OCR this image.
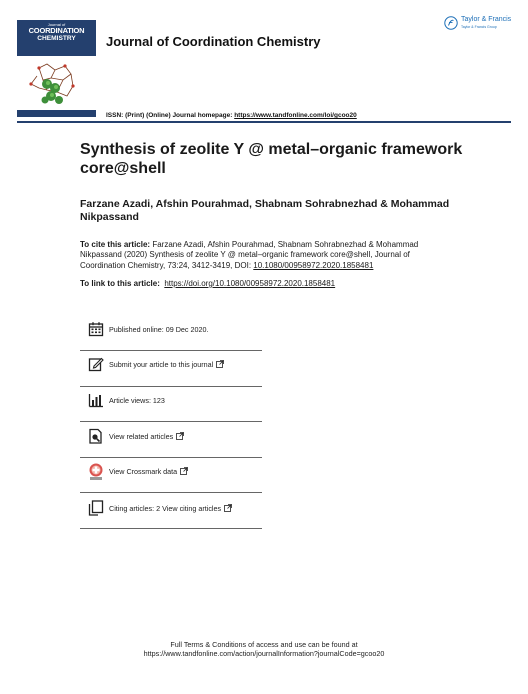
Journal of
COORDINATION
CHEMISTRY	Journal of Coordination Chemistry
Taylor & Francis
Taylor & Francis Group
ISSN: (Print) (Online) Journal homepage: https://www.tandfonline.com/loi/gcoo20
Synthesis of zeolite Y @ metal–organic framework core@shell
Farzane Azadi, Afshin Pourahmad, Shabnam Sohrabnezhad & Mohammad Nikpassand
To cite this article: Farzane Azadi, Afshin Pourahmad, Shabnam Sohrabnezhad & Mohammad Nikpassand (2020) Synthesis of zeolite Y @ metal–organic framework core@shell, Journal of Coordination Chemistry, 73:24, 3412-3419, DOI: 10.1080/00958972.2020.1858481
To link to this article: https://doi.org/10.1080/00958972.2020.1858481
Published online: 09 Dec 2020.
Submit your article to this journal
Article views: 123
View related articles
View Crossmark data
Citing articles: 2 View citing articles
Full Terms & Conditions of access and use can be found at
https://www.tandfonline.com/action/journalInformation?journalCode=gcoo20
